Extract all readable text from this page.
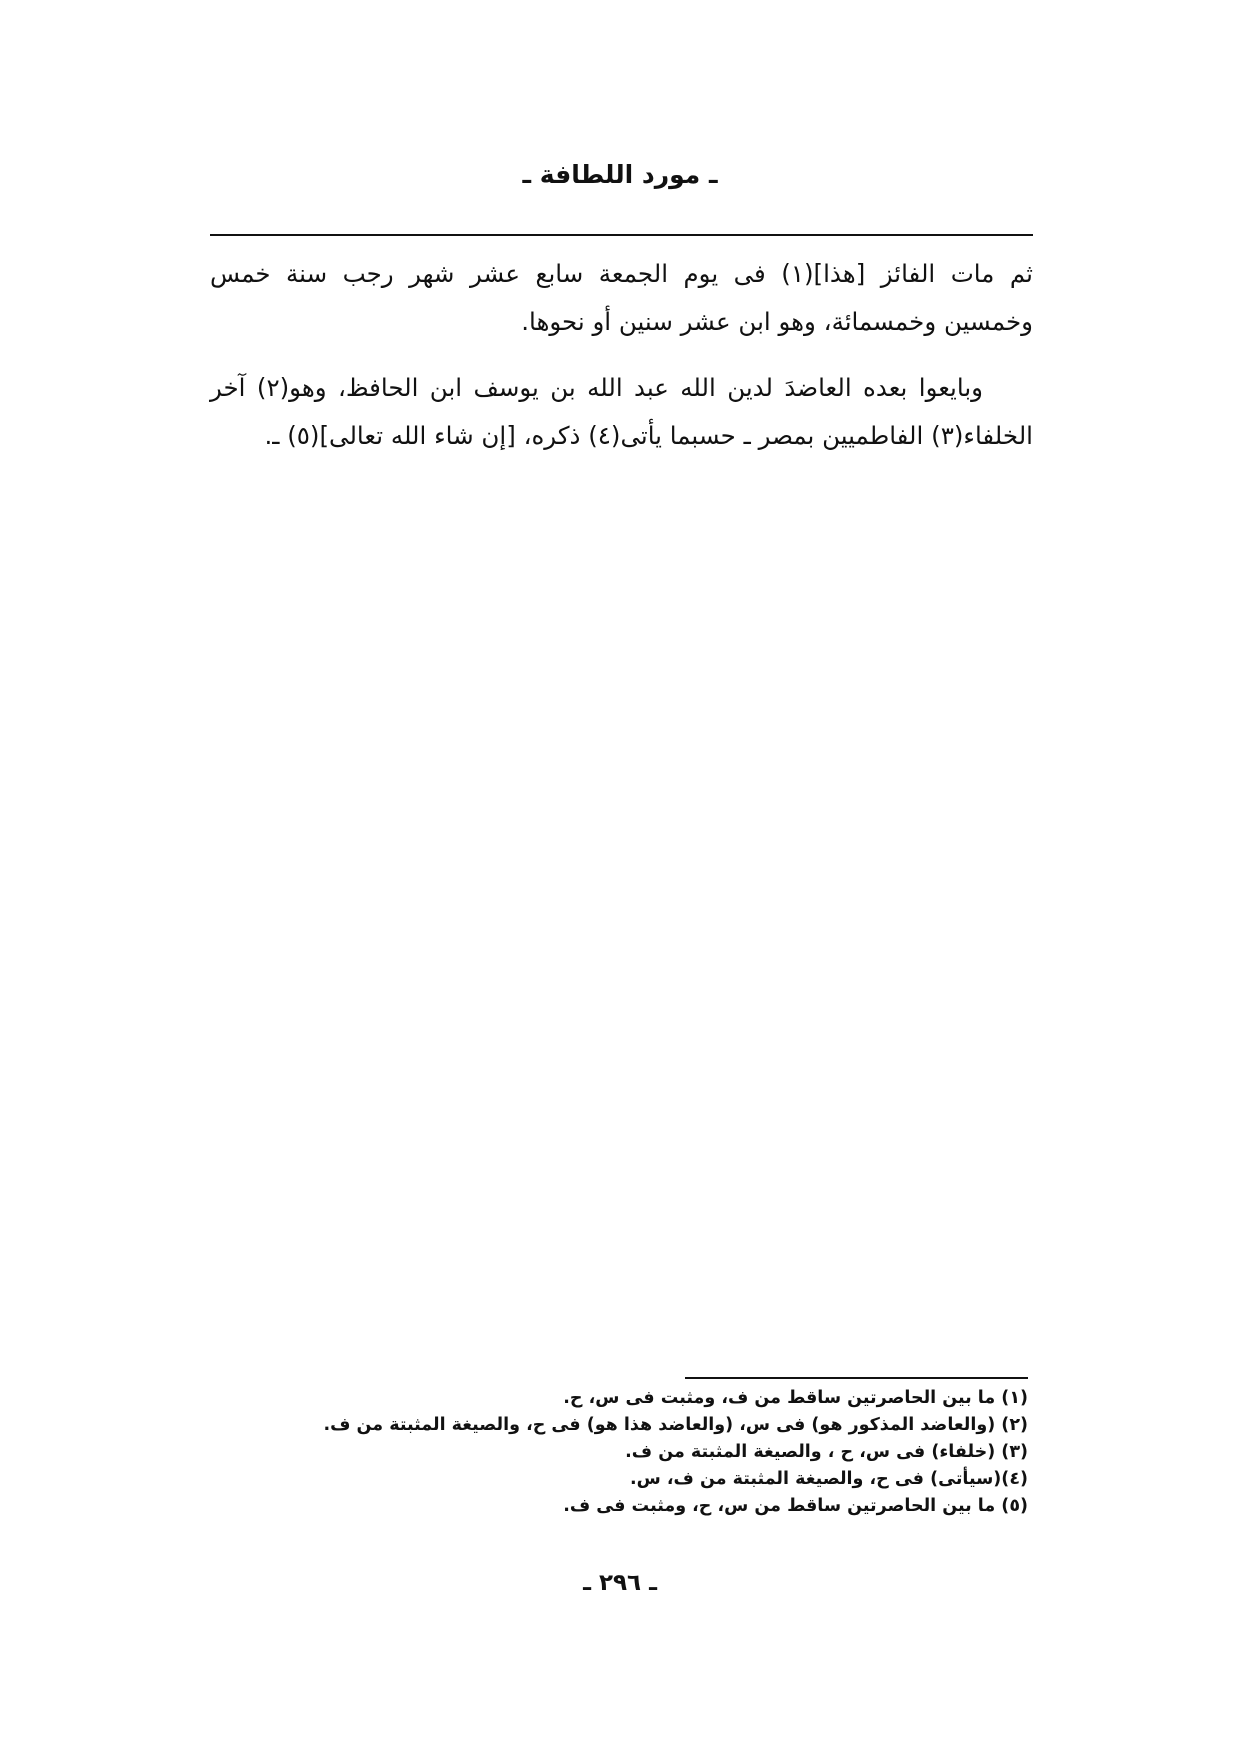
ـ مورد اللطافة ـ

ثم مات الفائز [هذا](١) فى يوم الجمعة سابع عشر شهر رجب سنة خمس وخمسين وخمسمائة، وهو ابن عشر سنين أو نحوها.

وبايعوا بعده العاضدَ لدين الله عبد الله بن يوسف ابن الحافظ، وهو(٢) آخر الخلفاء(٣) الفاطميين بمصر ـ حسبما يأتى(٤) ذكره، [إن شاء الله تعالى](٥) ـ.

(١) ما بين الحاصرتين ساقط من ف، ومثبت فى س، ح.
(٢) (والعاضد المذكور هو) فى س، (والعاضد هذا هو) فى ح، والصيغة المثبتة من ف.
(٣) (خلفاء) فى س، ح ، والصيغة المثبتة من ف.
(٤)(سيأتى) فى ح، والصيغة المثبتة من ف، س.
(٥) ما بين الحاصرتين ساقط من س، ح، ومثبت فى ف.
ـ ٢٩٦ ـ
